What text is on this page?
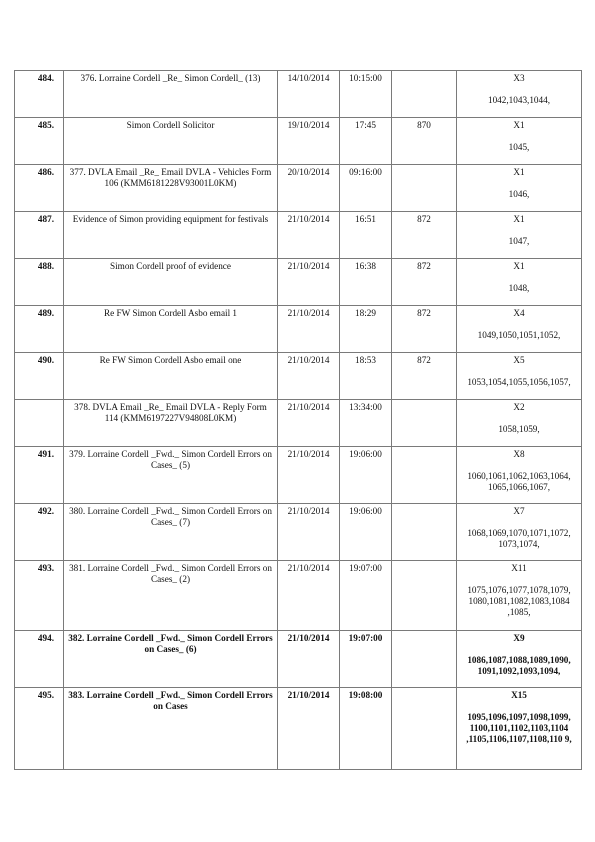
484.	376. Lorraine Cordell _Re_ Simon Cordell_ (13)	14/10/2014	10:15:00		X3
1042,1043,1044,

485.	Simon Cordell Solicitor	19/10/2014	17:45	870	X1
1045,

486.	377. DVLA Email _Re_ Email DVLA - Vehicles Form 106 (KMM6181228V93001L0KM)	20/10/2014	09:16:00		X1
1046,

487.	Evidence of Simon providing equipment for festivals	21/10/2014	16:51	872	X1
1047,

488.	Simon Cordell proof of evidence	21/10/2014	16:38	872	X1
1048,

489.	Re FW Simon Cordell Asbo email 1	21/10/2014	18:29	872	X4
1049,1050,1051,1052,

490.	Re FW Simon Cordell Asbo email one	21/10/2014	18:53	872	X5
1053,1054,1055,1056,1057,

	378. DVLA Email _Re_ Email DVLA - Reply Form 114 (KMM6197227V94808L0KM)	21/10/2014	13:34:00		X2
1058,1059,

491.	379. Lorraine Cordell _Fwd._ Simon Cordell Errors on Cases_ (5)	21/10/2014	19:06:00		X8
1060,1061,1062,1063,1064, 1065,1066,1067,

492.	380. Lorraine Cordell _Fwd._ Simon Cordell Errors on Cases_ (7)	21/10/2014	19:06:00		X7
1068,1069,1070,1071,1072, 1073,1074,

493.	381. Lorraine Cordell _Fwd._ Simon Cordell Errors on Cases_ (2)	21/10/2014	19:07:00		X11
1075,1076,1077,1078,1079, 1080,1081,1082,1083,1084 ,1085,

494.	382. Lorraine Cordell _Fwd._ Simon Cordell Errors on Cases_ (6)	21/10/2014	19:07:00		X9
1086,1087,1088,1089,1090, 1091,1092,1093,1094,

495.	383. Lorraine Cordell _Fwd._ Simon Cordell Errors on Cases	21/10/2014	19:08:00		X15
1095,1096,1097,1098,1099, 1100,1101,1102,1103,1104 ,1105,1106,1107,1108,110 9,
